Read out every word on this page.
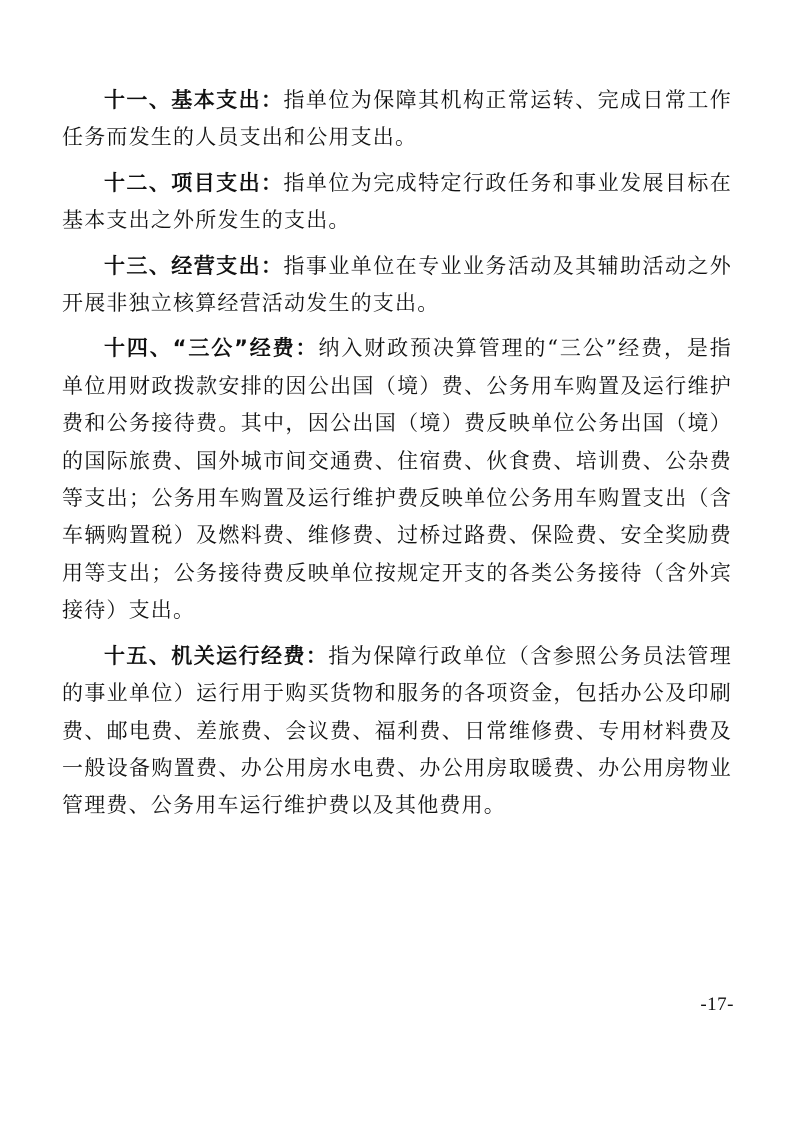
十一、基本支出：指单位为保障其机构正常运转、完成日常工作任务而发生的人员支出和公用支出。

十二、项目支出：指单位为完成特定行政任务和事业发展目标在基本支出之外所发生的支出。

十三、经营支出：指事业单位在专业业务活动及其辅助活动之外开展非独立核算经营活动发生的支出。

十四、“三公”经费：纳入财政预决算管理的“三公”经费，是指单位用财政拨款安排的因公出国（境）费、公务用车购置及运行维护费和公务接待费。其中，因公出国（境）费反映单位公务出国（境）的国际旅费、国外城市间交通费、住宿费、伙食费、培训费、公杂费等支出；公务用车购置及运行维护费反映单位公务用车购置支出（含车辆购置税）及燃料费、维修费、过桥过路费、保险费、安全奖励费用等支出；公务接待费反映单位按规定开支的各类公务接待（含外宾接待）支出。

十五、机关运行经费：指为保障行政单位（含参照公务员法管理的事业单位）运行用于购买货物和服务的各项资金，包括办公及印刷费、邮电费、差旅费、会议费、福利费、日常维修费、专用材料费及一般设备购置费、办公用房水电费、办公用房取暖费、办公用房物业管理费、公务用车运行维护费以及其他费用。

-17-
